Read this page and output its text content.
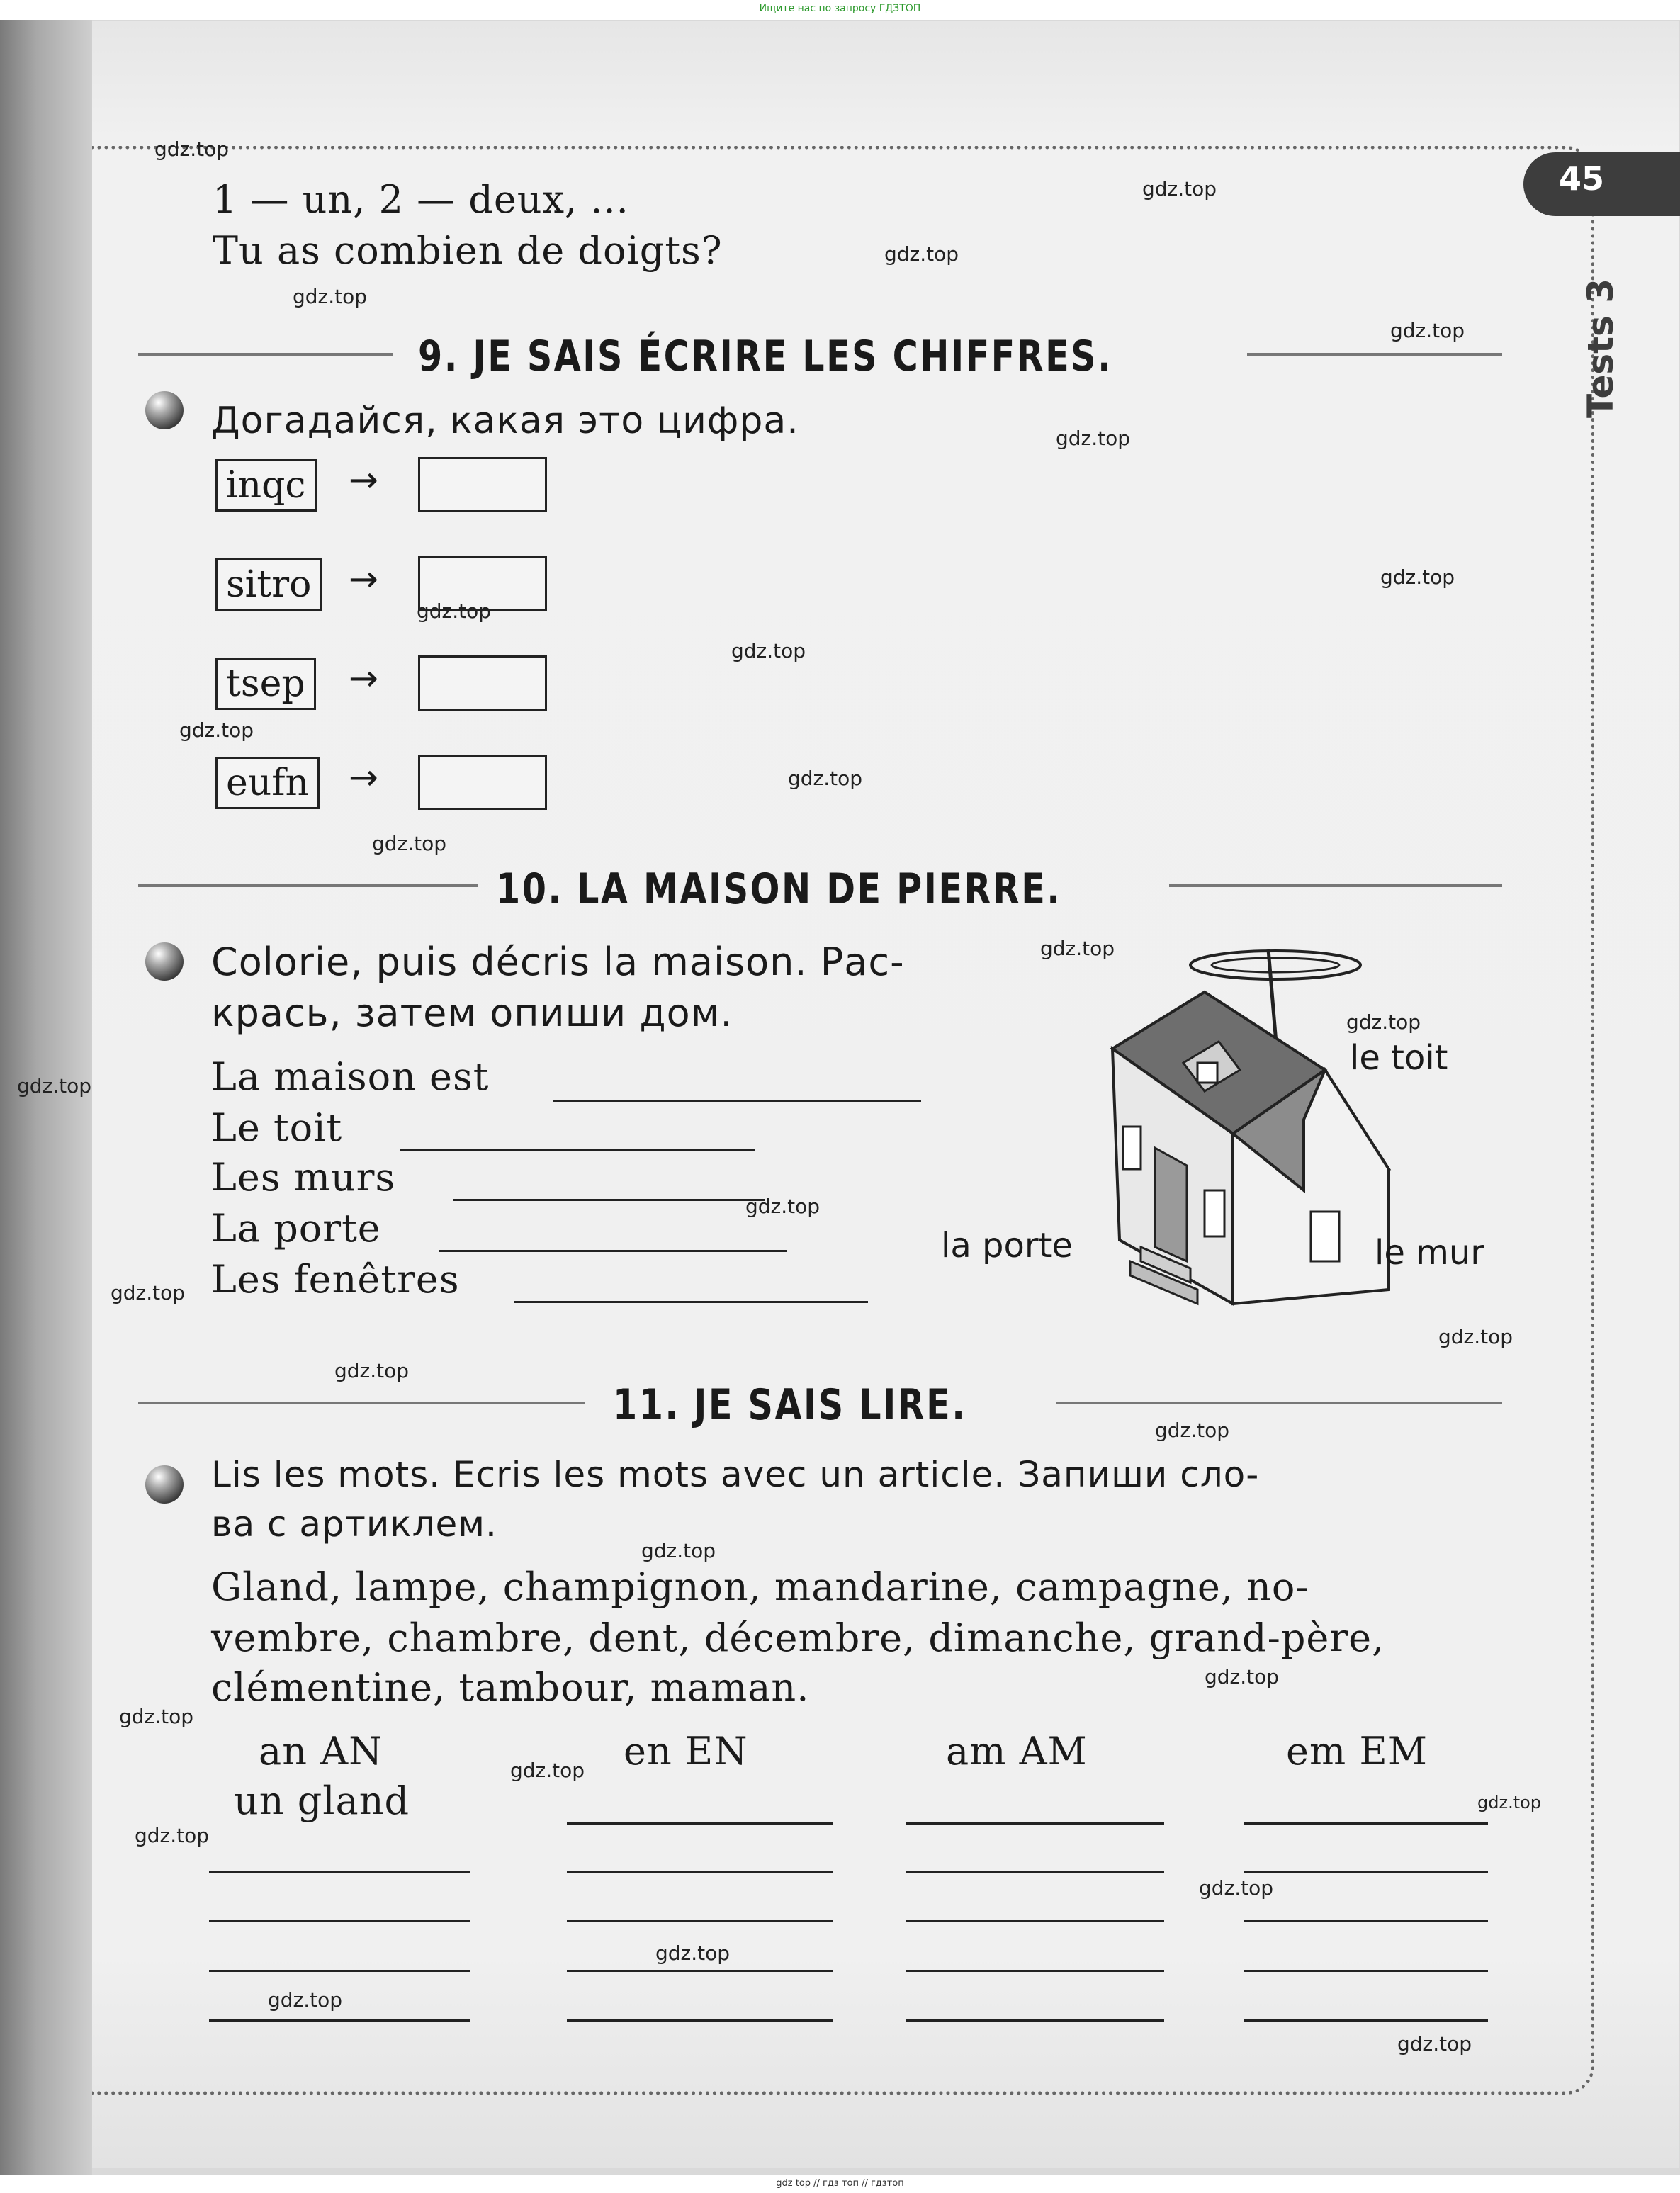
Ищите нас по запросу ГДЗТОП
45
Tests 3
1 — un, 2 — deux, ...
Tu as combien de doigts?
9. JE SAIS ÉCRIRE LES CHIFFRES.
Догадайся, какая это цифра.
inqc	→
sitro	→
tsep	→
eufn	→
10. LA MAISON DE PIERRE.
Colorie, puis décris la maison. Рас-
крась, затем опиши дом.
La maison est
Le toit
Les murs
La porte
Les fenêtres
le toit
la porte	le mur
11. JE SAIS LIRE.
Lis les mots. Ecris les mots avec un article. Запиши сло-
ва с артиклем.
Gland, lampe, champignon, mandarine, campagne, no-
vembre, chambre, dent, décembre, dimanche, grand-père,
clémentine, tambour, maman.
an AN	en EN	am AM	em EM
un gland
gdz.top
gdz.top
gdz.top
gdz.top
gdz.top
gdz.top
gdz.top
gdz.top
gdz.top
gdz.top
gdz.top
gdz.top
gdz.top
gdz.top
gdz.top
gdz.top
gdz.top
gdz.top
gdz.top
gdz.top
gdz.top
gdz.top
gdz.top
gdz.top
gdz.top
gdz.top
gdz.top
gdz.top
gdz.top
gdz.top
gdz top // гдз топ // гдзтоп
